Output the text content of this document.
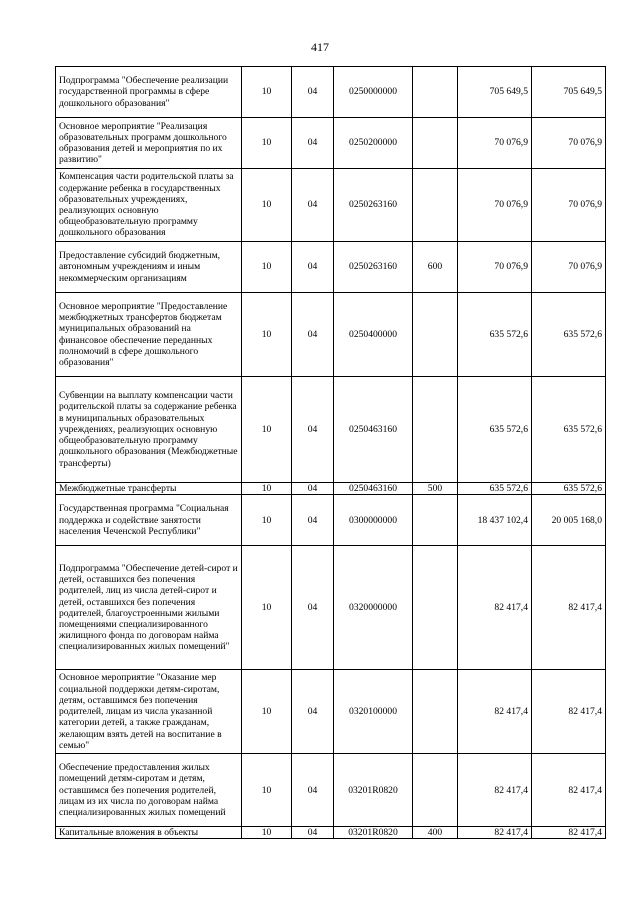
417
Подпрограмма "Обеспечение реализации государственной программы в сфере дошкольного образования"	10	04	0250000000		705 649,5	705 649,5
Основное мероприятие "Реализация образовательных программ дошкольного образования детей и мероприятия по их развитию"	10	04	0250200000		70 076,9	70 076,9
Компенсация части родительской платы за содержание ребенка в государственных образовательных учреждениях, реализующих основную общеобразовательную программу дошкольного образования	10	04	0250263160		70 076,9	70 076,9
Предоставление субсидий бюджетным, автономным учреждениям и иным некоммерческим организациям	10	04	0250263160	600	70 076,9	70 076,9
Основное мероприятие "Предоставление межбюджетных трансфертов бюджетам муниципальных образований на финансовое обеспечение переданных полномочий в сфере дошкольного образования"	10	04	0250400000		635 572,6	635 572,6
Субвенции на выплату компенсации части родительской платы за содержание ребенка в муниципальных образовательных учреждениях, реализующих основную общеобразовательную программу дошкольного образования (Межбюджетные трансферты)	10	04	0250463160		635 572,6	635 572,6
Межбюджетные трансферты	10	04	0250463160	500	635 572,6	635 572,6
Государственная программа "Социальная поддержка и содействие занятости населения Чеченской Республики"	10	04	0300000000		18 437 102,4	20 005 168,0
Подпрограмма "Обеспечение детей-сирот и детей, оставшихся без попечения родителей, лиц из числа детей-сирот и детей, оставшихся без попечения родителей, благоустроенными жилыми помещениями специализированного жилищного фонда по договорам найма специализированных жилых помещений"	10	04	0320000000		82 417,4	82 417,4
Основное мероприятие "Оказание мер социальной поддержки детям-сиротам, детям, оставшимся без попечения родителей, лицам из числа указанной категории детей, а также гражданам, желающим взять детей на воспитание в семью"	10	04	0320100000		82 417,4	82 417,4
Обеспечение предоставления жилых помещений детям-сиротам и детям, оставшимся без попечения родителей, лицам из их числа по договорам найма специализированных жилых помещений	10	04	03201R0820		82 417,4	82 417,4
Капитальные вложения в объекты	10	04	03201R0820	400	82 417,4	82 417,4
